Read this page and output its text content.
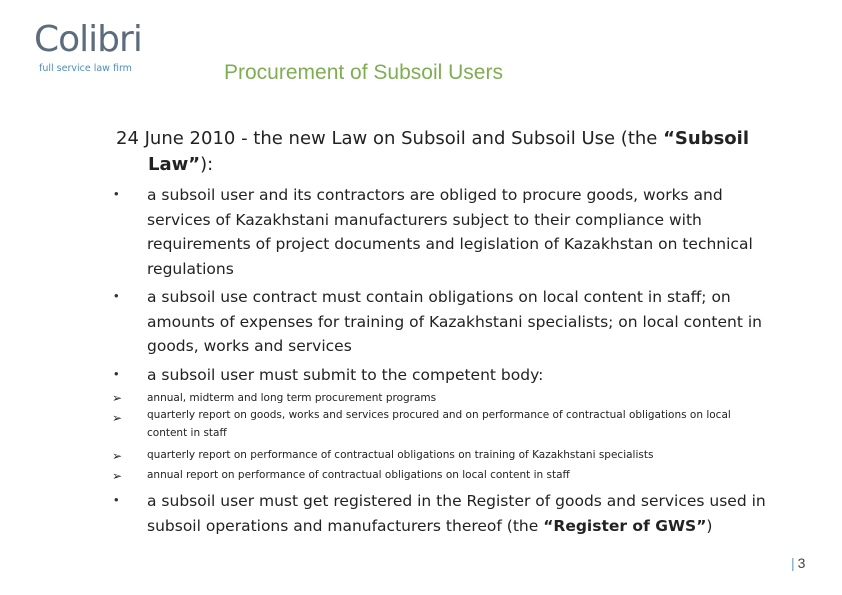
Colibri
full service law firm	Procurement of Subsoil Users
24 June 2010 - the new Law on Subsoil and Subsoil Use (the “Subsoil
Law”):
• a subsoil user and its contractors are obliged to procure goods, works and
services of Kazakhstani manufacturers subject to their compliance with
requirements of project documents and legislation of Kazakhstan on technical
regulations
• a subsoil use contract must contain obligations on local content in staff; on
amounts of expenses for training of Kazakhstani specialists; on local content in
goods, works and services
• a subsoil user must submit to the competent body:
➢ annual, midterm and long term procurement programs
➢ quarterly report on goods, works and services procured and on performance of contractual obligations on local
content in staff
➢ quarterly report on performance of contractual obligations on training of Kazakhstani specialists
➢ annual report on performance of contractual obligations on local content in staff
• a subsoil user must get registered in the Register of goods and services used in
subsoil operations and manufacturers thereof (the “Register of GWS”)
| 3
